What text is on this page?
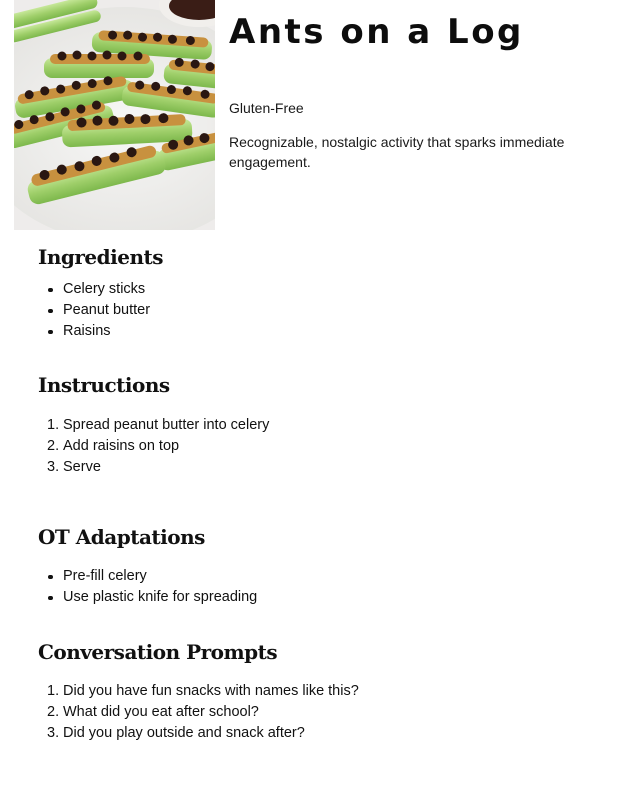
Ants on a Log

Gluten-Free

Recognizable, nostalgic activity that sparks immediate engagement.

Ingredients
Celery sticks
Peanut butter
Raisins
Instructions
1. Spread peanut butter into celery
2. Add raisins on top
3. Serve
OT Adaptations
Pre-fill celery
Use plastic knife for spreading
Conversation Prompts
1. Did you have fun snacks with names like this?
2. What did you eat after school?
3. Did you play outside and snack after?
